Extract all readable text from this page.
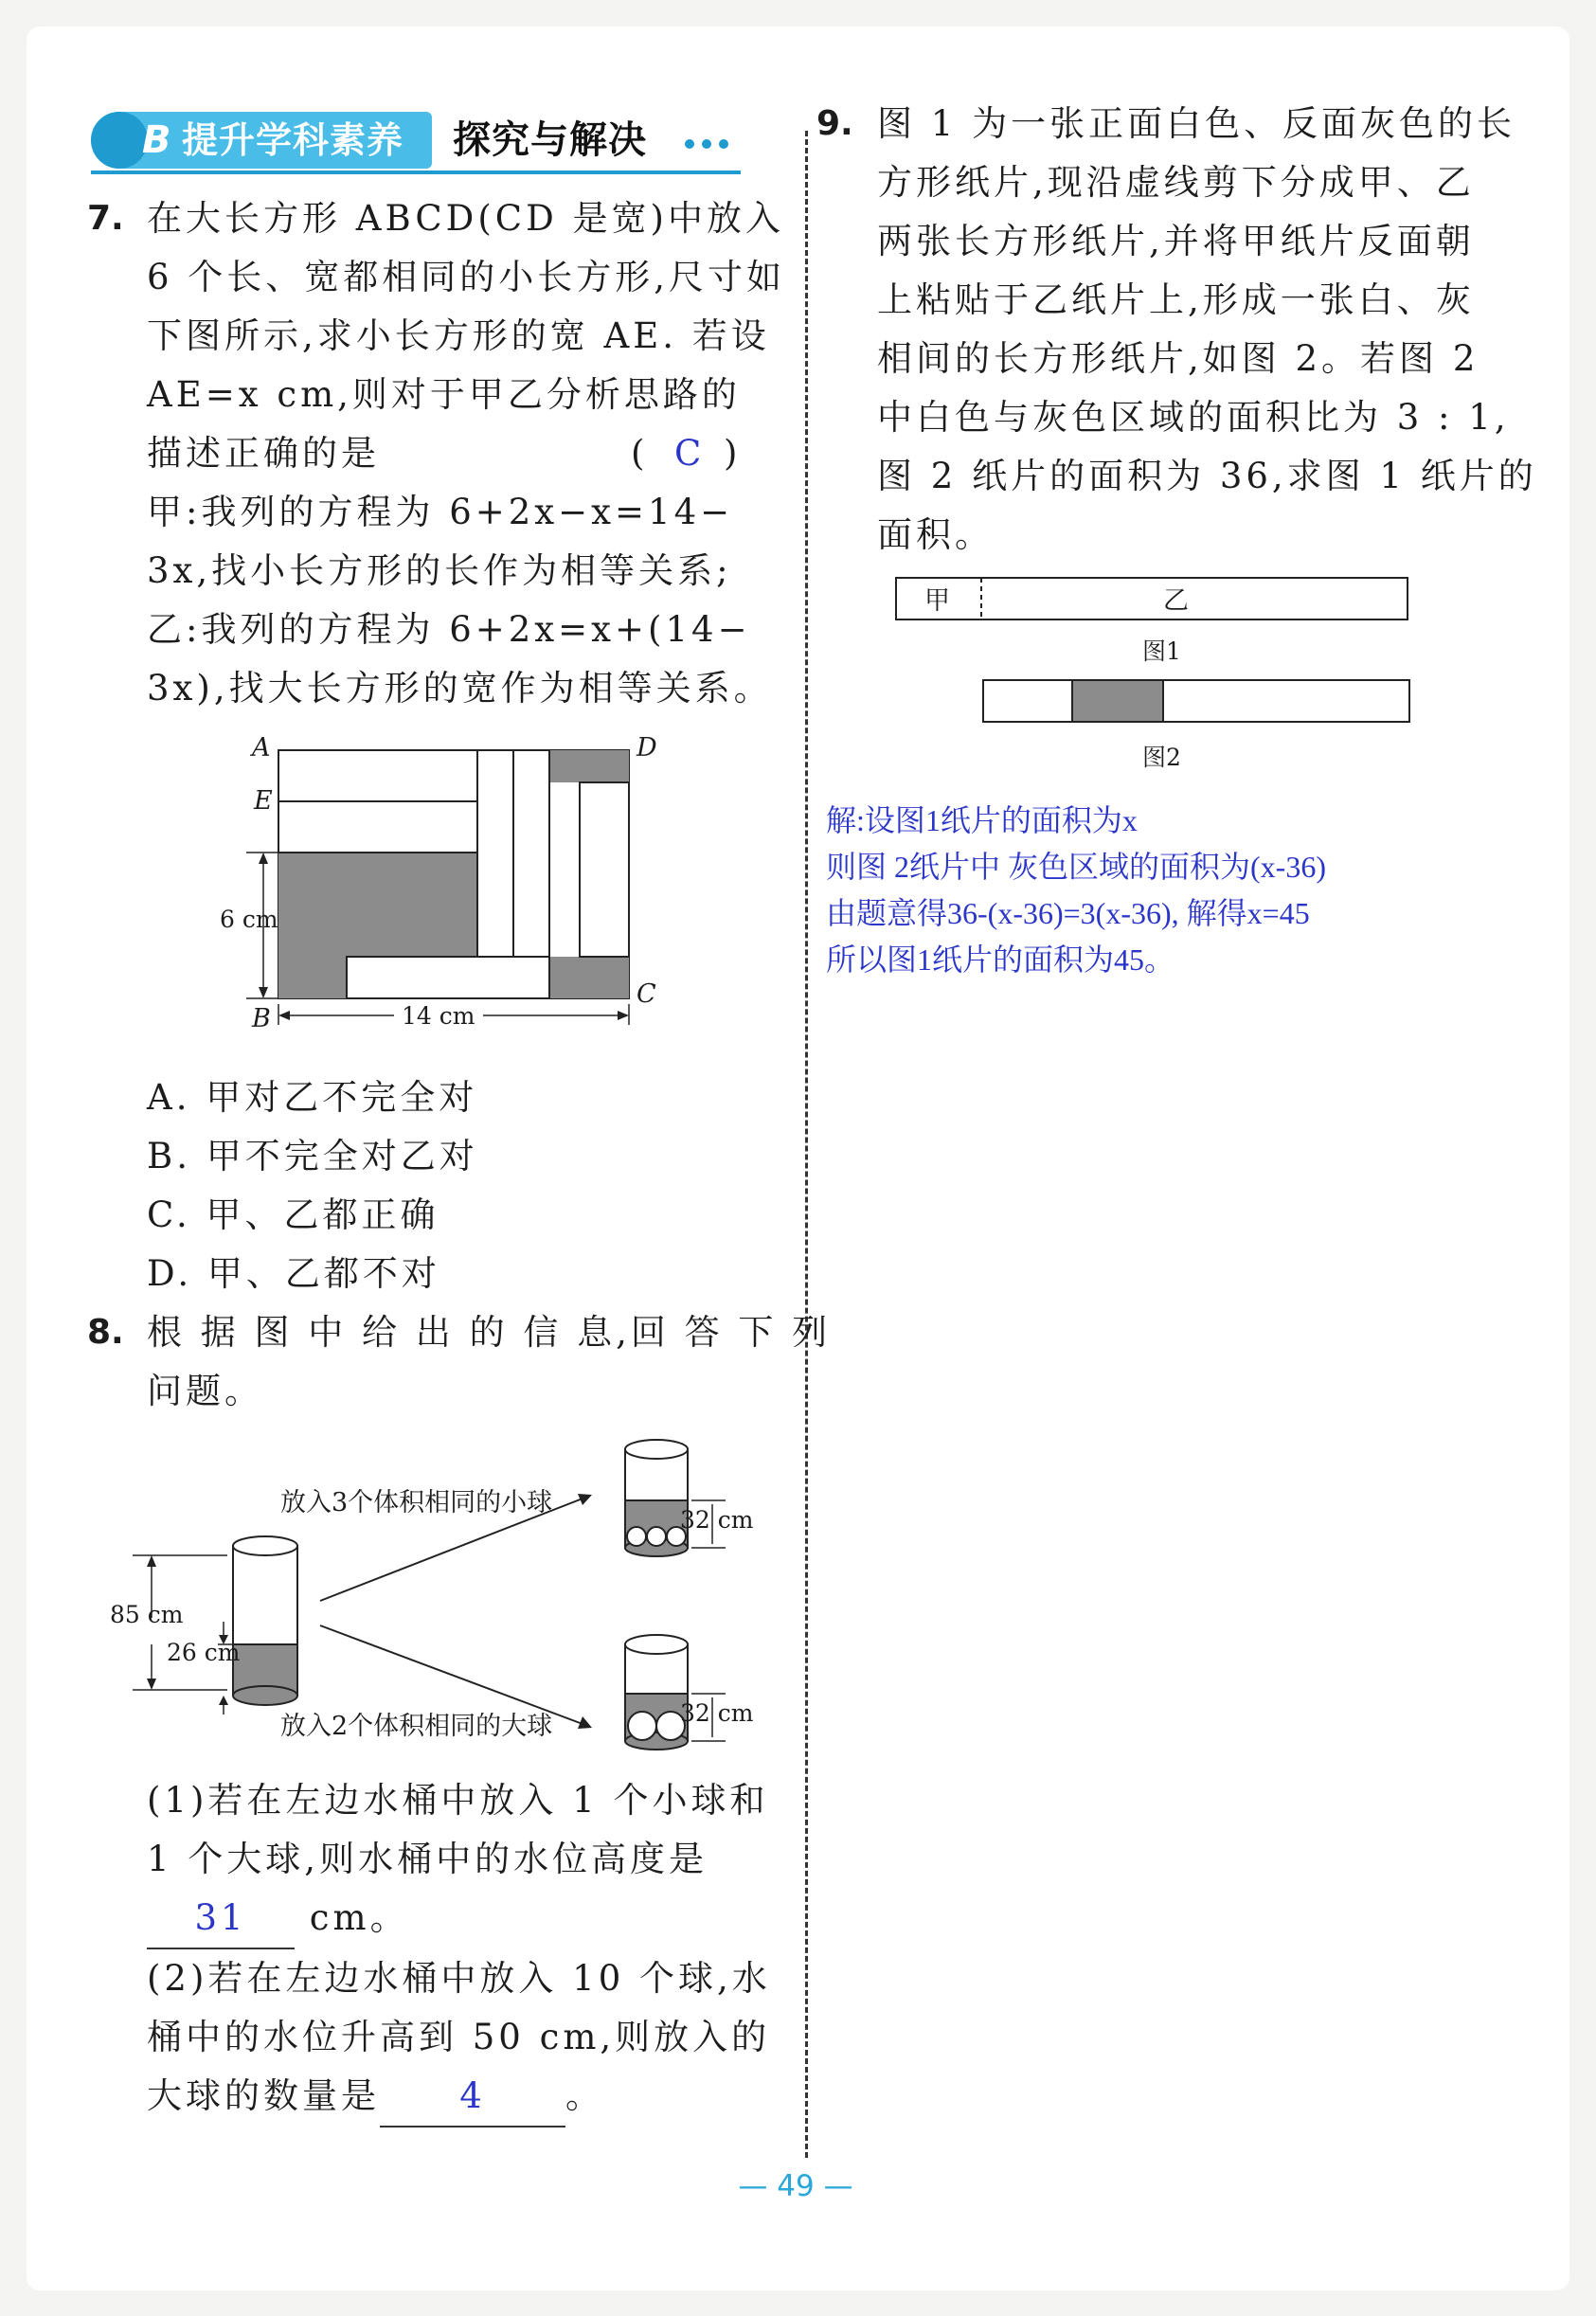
B 提升学科素养 探究与解决
7. 在大长方形 ABCD(CD 是宽)中放入
6 个长、宽都相同的小长方形,尺寸如
下图所示,求小长方形的宽 AE. 若设
AE=x cm,则对于甲乙分析思路的
描述正确的是
甲:我列的方程为 6+2x−x=14−
3x,找小长方形的长作为相等关系;
乙:我列的方程为 6+2x=x+(14−
3x),找大长方形的宽作为相等关系。
( C )
A	D
E
B
C
6 cm
14 cm
A. 甲对乙不完全对
B. 甲不完全对乙对
C. 甲、乙都正确
D. 甲、乙都不对
8. 根 据 图 中 给 出 的 信 息,回 答 下 列
问题。
放入3个体积相同的小球
放入2个体积相同的大球
85 cm
26 cm
32 cm
32 cm
(1)若在左边水桶中放入 1 个小球和
1 个大球,则水桶中的水位高度是
31 cm。
(2)若在左边水桶中放入 10 个球,水
桶中的水位升高到 50 cm,则放入的
大球的数量是 4 。
9. 图 1 为一张正面白色、反面灰色的长
方形纸片,现沿虚线剪下分成甲、乙
两张长方形纸片,并将甲纸片反面朝
上粘贴于乙纸片上,形成一张白、灰
相间的长方形纸片,如图 2。若图 2
中白色与灰色区域的面积比为 3 : 1,
图 2 纸片的面积为 36,求图 1 纸片的
面积。
甲	乙
图1
图2
解:设图1纸片的面积为x
则图 2纸片中 灰色区域的面积为(x-36)
由题意得36-(x-36)=3(x-36), 解得x=45
所以图1纸片的面积为45。
— 49 —
